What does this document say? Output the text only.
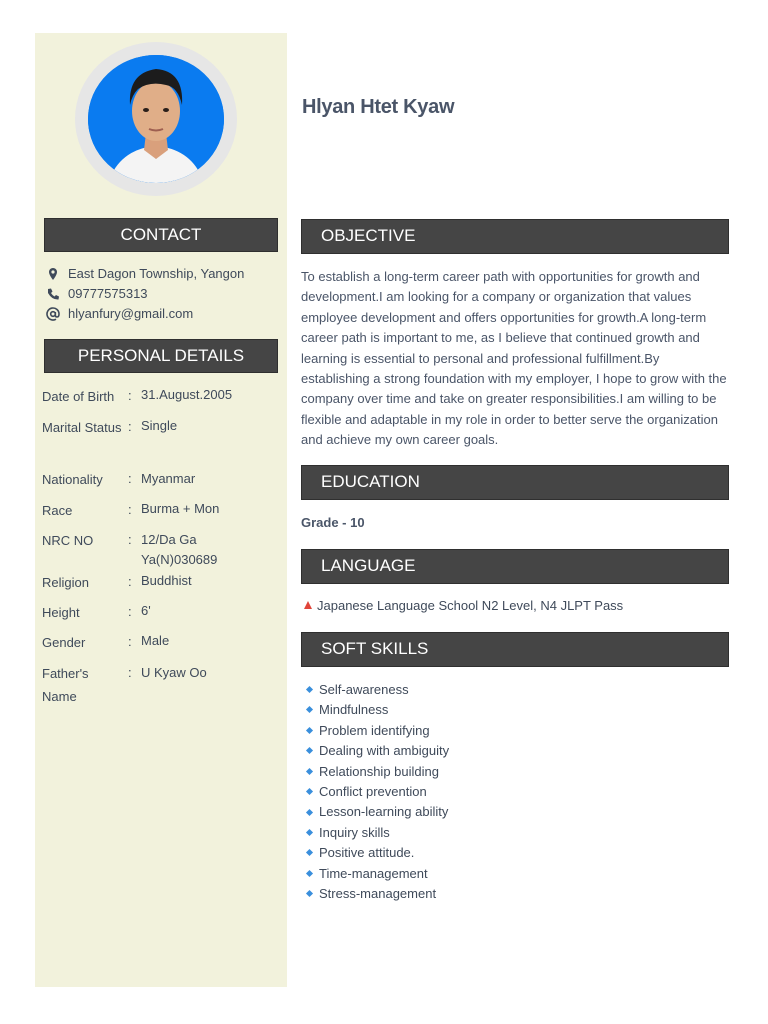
CONTACT
East Dagon Township, Yangon
09777575313
hlyanfury@gmail.com
PERSONAL DETAILS
Date of Birth	: 31.August.2005
Marital Status : Single
Nationality	: Myanmar
Race	: Burma + Mon
NRC NO	: 12/Da Ga Ya(N)030689
Religion	: Buddhist
Height	: 6'
Gender	: Male
Father's Name
: U Kyaw Oo
Hlyan Htet Kyaw
OBJECTIVE
To establish a long-term career path with opportunities for growth and development.I am looking for a company or organization that values employee development and offers opportunities for growth.A long-term career path is important to me, as I believe that continued growth and learning is essential to personal and professional fulfillment.By establishing a strong foundation with my employer, I hope to grow with the company over time and take on greater responsibilities.I am willing to be flexible and adaptable in my role in order to better serve the organization and achieve my own career goals.
EDUCATION
Grade - 10
LANGUAGE
Japanese Language School N2 Level, N4 JLPT Pass
SOFT SKILLS
Self-awareness
Mindfulness
Problem identifying
Dealing with ambiguity
Relationship building
Conflict prevention
Lesson-learning ability
Inquiry skills
Positive attitude.
Time-management
Stress-management
